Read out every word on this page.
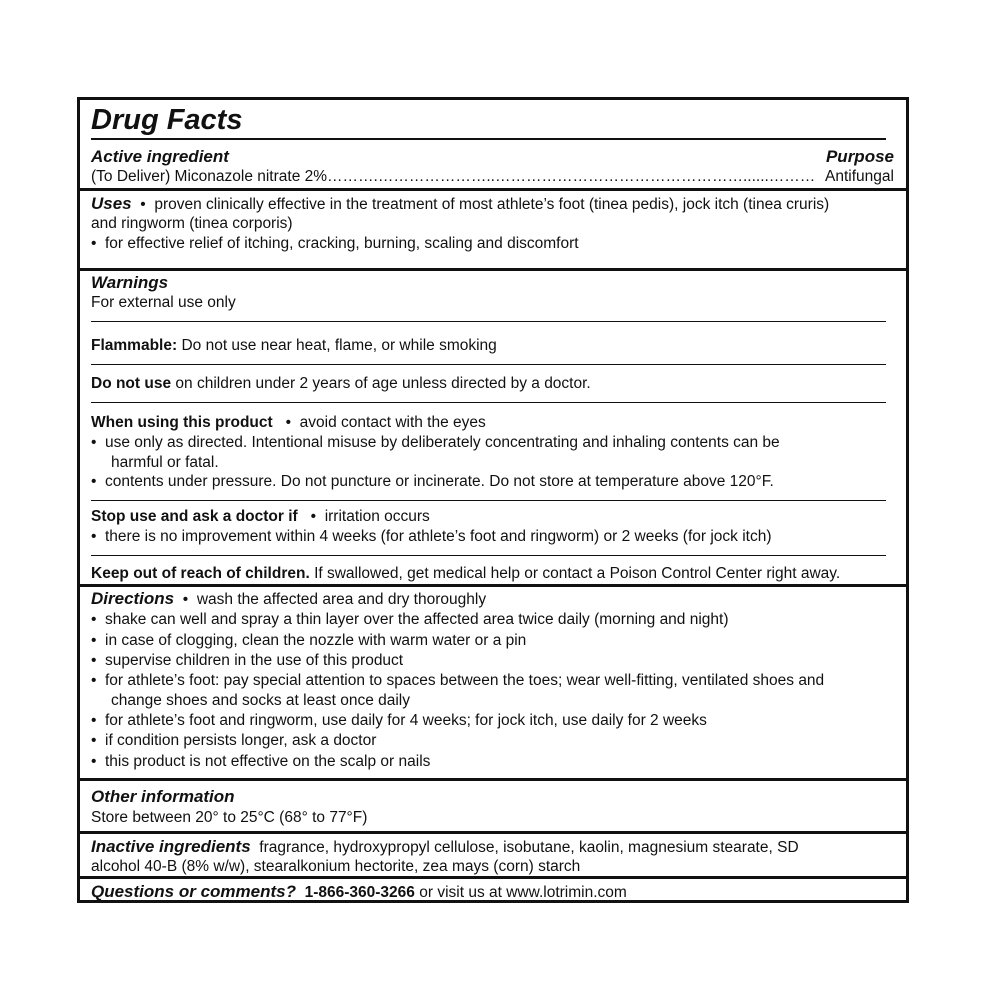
Drug Facts
Active ingredient	Purpose
(To Deliver) Miconazole nitrate 2% ……….…………………..…………………………………………......……… Antifungal
Uses • proven clinically effective in the treatment of most athlete’s foot (tinea pedis), jock itch (tinea cruris)
and ringworm (tinea corporis)
• for effective relief of itching, cracking, burning, scaling and discomfort
Warnings
For external use only
Flammable: Do not use near heat, flame, or while smoking
Do not use on children under 2 years of age unless directed by a doctor.
When using this product • avoid contact with the eyes
• use only as directed. Intentional misuse by deliberately concentrating and inhaling contents can be
harmful or fatal.
• contents under pressure. Do not puncture or incinerate. Do not store at temperature above 120°F.
Stop use and ask a doctor if • irritation occurs
• there is no improvement within 4 weeks (for athlete’s foot and ringworm) or 2 weeks (for jock itch)
Keep out of reach of children. If swallowed, get medical help or contact a Poison Control Center right away.
Directions • wash the affected area and dry thoroughly
• shake can well and spray a thin layer over the affected area twice daily (morning and night)
• in case of clogging, clean the nozzle with warm water or a pin
• supervise children in the use of this product
• for athlete’s foot: pay special attention to spaces between the toes; wear well-fitting, ventilated shoes and
change shoes and socks at least once daily
• for athlete’s foot and ringworm, use daily for 4 weeks; for jock itch, use daily for 2 weeks
• if condition persists longer, ask a doctor
• this product is not effective on the scalp or nails
Other information
Store between 20° to 25°C (68° to 77°F)
Inactive ingredients fragrance, hydroxypropyl cellulose, isobutane, kaolin, magnesium stearate, SD
alcohol 40-B (8% w/w), stearalkonium hectorite, zea mays (corn) starch
Questions or comments? 1-866-360-3266 or visit us at www.lotrimin.com
